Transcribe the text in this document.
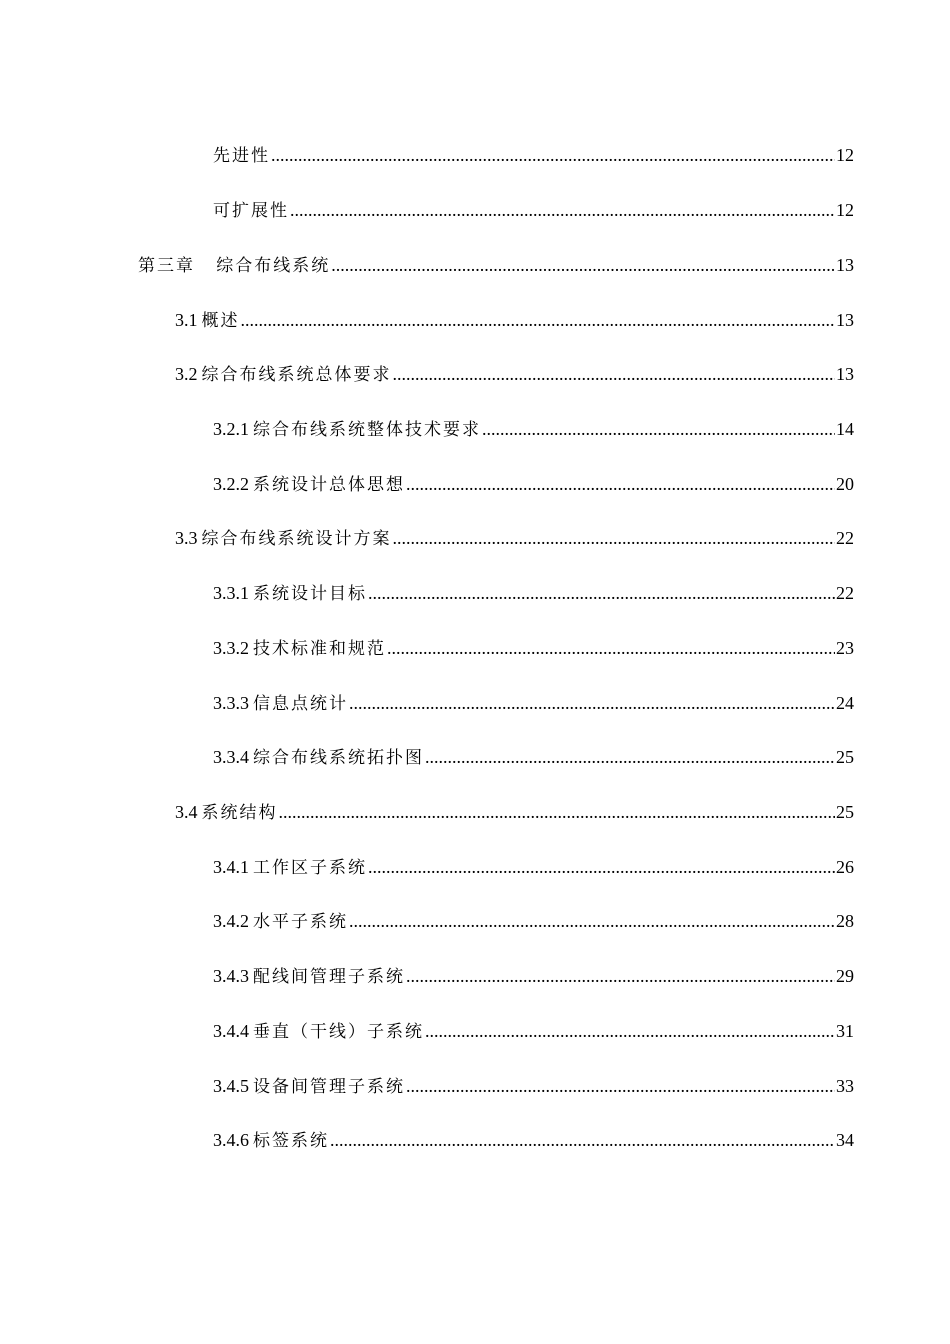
先进性 .....	12
可扩展性 .....	12
第三章 综合布线系统 .....	13
3.1 概述 .....	13
3.2 综合布线系统总体要求 .....	13
3.2.1 综合布线系统整体技术要求 .....	14
3.2.2 系统设计总体思想 .....	20
3.3 综合布线系统设计方案 .....	22
3.3.1 系统设计目标 .....	22
3.3.2 技术标准和规范 .....	23
3.3.3 信息点统计 .....	24
3.3.4 综合布线系统拓扑图 .....	25
3.4 系统结构 .....	25
3.4.1 工作区子系统 .....	26
3.4.2 水平子系统 .....	28
3.4.3 配线间管理子系统 .....	29
3.4.4 垂直（干线）子系统 .....	31
3.4.5 设备间管理子系统 .....	33
3.4.6 标签系统 .....	34
